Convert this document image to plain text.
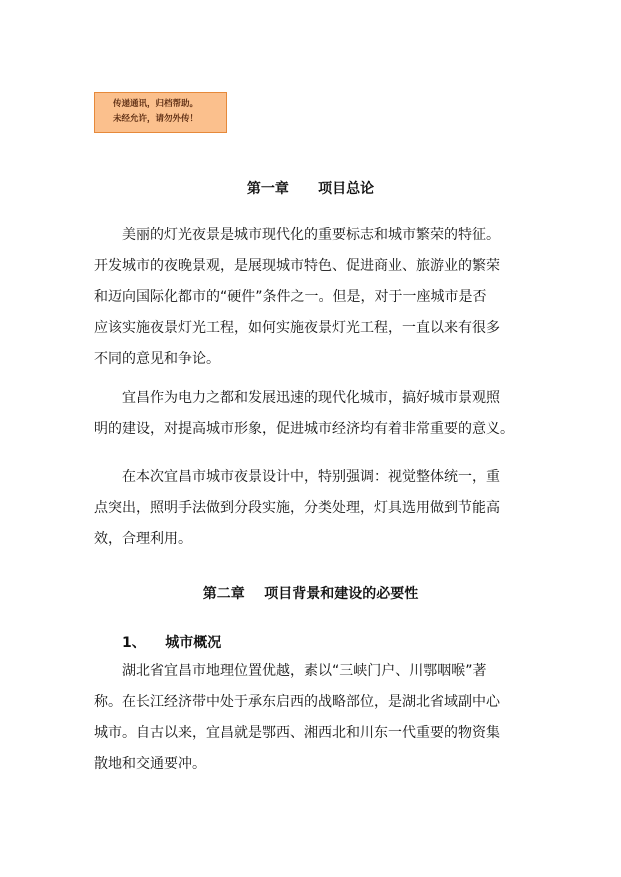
传递通讯，归档帮助。
未经允许，请勿外传！
第一章      项目总论
美丽的灯光夜景是城市现代化的重要标志和城市繁荣的特征。
开发城市的夜晚景观，是展现城市特色、促进商业、旅游业的繁荣
和迈向国际化都市的“硬件”条件之一。但是，对于一座城市是否
应该实施夜景灯光工程，如何实施夜景灯光工程，一直以来有很多
不同的意见和争论。
宜昌作为电力之都和发展迅速的现代化城市，搞好城市景观照
明的建设，对提高城市形象，促进城市经济均有着非常重要的意义。
在本次宜昌市城市夜景设计中，特别强调：视觉整体统一，重
点突出，照明手法做到分段实施，分类处理，灯具选用做到节能高
效，合理利用。
第二章    项目背景和建设的必要性
1、    城市概况
湖北省宜昌市地理位置优越，素以“三峡门户、川鄂咽喉”著
称。在长江经济带中处于承东启西的战略部位，是湖北省域副中心
城市。自古以来，宜昌就是鄂西、湘西北和川东一代重要的物资集
散地和交通要冲。
